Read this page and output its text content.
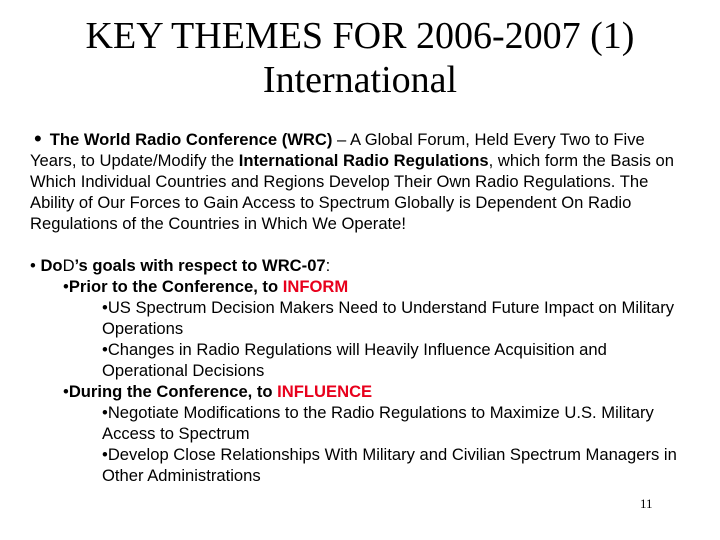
KEY THEMES FOR 2006-2007 (1)
International

• The World Radio Conference (WRC) – A Global Forum, Held Every Two to Five Years, to Update/Modify the International Radio Regulations, which form the Basis on Which Individual Countries and Regions Develop Their Own Radio Regulations. The Ability of Our Forces to Gain Access to Spectrum Globally is Dependent On Radio Regulations of the Countries in Which We Operate!

• DoD’s goals with respect to WRC-07:
•Prior to the Conference, to INFORM
•US Spectrum Decision Makers Need to Understand Future Impact on Military Operations
•Changes in Radio Regulations will Heavily Influence Acquisition and Operational Decisions
•During the Conference, to INFLUENCE
•Negotiate Modifications to the Radio Regulations to Maximize U.S. Military Access to Spectrum
•Develop Close Relationships With Military and Civilian Spectrum Managers in Other Administrations
11
